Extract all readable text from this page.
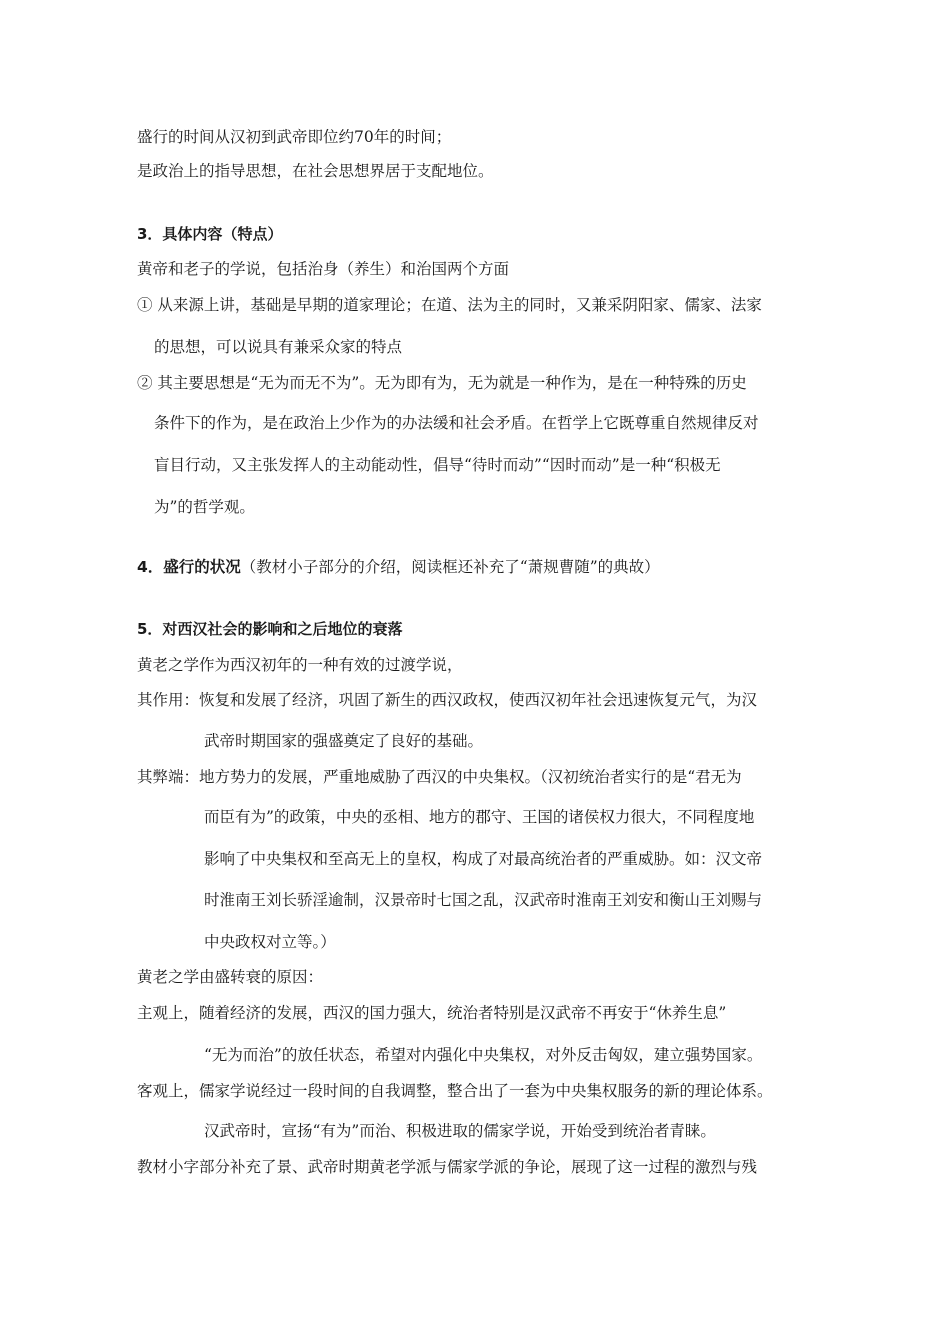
盛行的时间从汉初到武帝即位约70年的时间；
是政治上的指导思想，在社会思想界居于支配地位。
3．具体内容（特点）
黄帝和老子的学说，包括治身（养生）和治国两个方面
① 从来源上讲，基础是早期的道家理论；在道、法为主的同时，又兼采阴阳家、儒家、法家
的思想，可以说具有兼采众家的特点
② 其主要思想是“无为而无不为”。无为即有为，无为就是一种作为，是在一种特殊的历史
条件下的作为，是在政治上少作为的办法缓和社会矛盾。在哲学上它既尊重自然规律反对
盲目行动，又主张发挥人的主动能动性，倡导“待时而动”“因时而动”是一种“积极无
为”的哲学观。
4．盛行的状况（教材小子部分的介绍，阅读框还补充了“萧规曹随”的典故）
5．对西汉社会的影响和之后地位的衰落
黄老之学作为西汉初年的一种有效的过渡学说，
其作用：恢复和发展了经济，巩固了新生的西汉政权，使西汉初年社会迅速恢复元气，为汉
武帝时期国家的强盛奠定了良好的基础。
其弊端：地方势力的发展，严重地威胁了西汉的中央集权。（汉初统治者实行的是“君无为
而臣有为”的政策，中央的丞相、地方的郡守、王国的诸侯权力很大，不同程度地
影响了中央集权和至高无上的皇权，构成了对最高统治者的严重威胁。如：汉文帝
时淮南王刘长骄淫逾制，汉景帝时七国之乱，汉武帝时淮南王刘安和衡山王刘赐与
中央政权对立等。）
黄老之学由盛转衰的原因：
主观上，随着经济的发展，西汉的国力强大，统治者特别是汉武帝不再安于“休养生息”
“无为而治”的放任状态，希望对内强化中央集权，对外反击匈奴，建立强势国家。
客观上，儒家学说经过一段时间的自我调整，整合出了一套为中央集权服务的新的理论体系。
汉武帝时，宣扬“有为”而治、积极进取的儒家学说，开始受到统治者青睐。
教材小字部分补充了景、武帝时期黄老学派与儒家学派的争论，展现了这一过程的激烈与残
